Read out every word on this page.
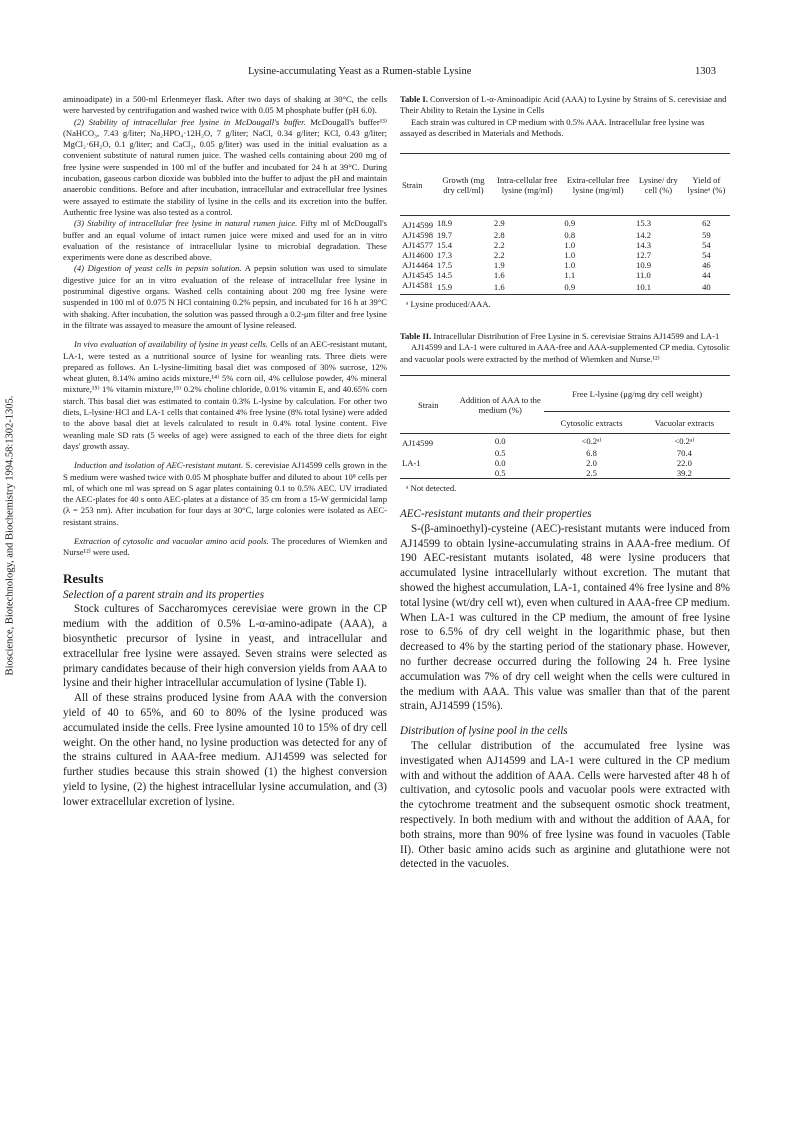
Lysine-accumulating Yeast as a Rumen-stable Lysine	1303
Bioscience, Biotechnology, and Biochemistry 1994.58:1302-1305.

aminoadipate) in a 500-ml Erlenmeyer flask. After two days of shaking at 30°C, the cells were harvested by centrifugation and washed twice with 0.05 M phosphate buffer (pH 6.0).

(2) Stability of intracellular free lysine in McDougall's buffer. McDougall's buffer¹³⁾ (NaHCO₃, 7.43 g/liter; Na₂HPO₄·12H₂O, 7 g/liter; NaCl, 0.34 g/liter; KCl, 0.43 g/liter; MgCl₂·6H₂O, 0.1 g/liter; and CaCl₂, 0.05 g/liter) was used in the initial evaluation as a convenient substitute of natural rumen juice. The washed cells containing about 200 mg of free lysine were suspended in 100 ml of the buffer and incubated for 24 h at 39°C. During incubation, gaseous carbon dioxide was bubbled into the buffer to adjust the pH and maintain anaerobic conditions. Before and after incubation, intracellular and extracellular free lysines were assayed to estimate the stability of lysine in the cells and its excretion into the buffer. Authentic free lysine was also tested as a control.

(3) Stability of intracellular free lysine in natural rumen juice. Fifty ml of McDougall's buffer and an equal volume of intact rumen juice were mixed and used for an in vitro evaluation of the resistance of intracellular lysine to microbial degradation. These experiments were done as described above.

(4) Digestion of yeast cells in pepsin solution. A pepsin solution was used to simulate digestive juice for an in vitro evaluation of the release of intracellular free lysine in postruminal digestive organs. Washed cells containing about 200 mg free lysine were suspended in 100 ml of 0.075 N HCl containing 0.2% pepsin, and incubated for 16 h at 39°C with shaking. After incubation, the solution was passed through a 0.2-μm filter and free lysine in the filtrate was assayed to measure the amount of lysine released.

In vivo evaluation of availability of lysine in yeast cells. Cells of an AEC-resistant mutant, LA-1, were tested as a nutritional source of lysine for weanling rats. Three diets were prepared as follows. An L-lysine-limiting basal diet was composed of 30% sucrose, 12% wheat gluten, 8.14% amino acids mixture,¹⁴⁾ 5% corn oil, 4% cellulose powder, 4% mineral mixture,¹⁵⁾ 1% vitamin mixture,¹⁵⁾ 0.2% choline chloride, 0.01% vitamin E, and 40.65% corn starch. This basal diet was estimated to contain 0.3% L-lysine by calculation. For other two diets, L-lysine·HCl and LA-1 cells that contained 4% free lysine (8% total lysine) were added to the above basal diet at levels calculated to result in 0.4% total lysine content. Five weanling male SD rats (5 weeks of age) were assigned to each of the three diets for eight days' growth assay.

Induction and isolation of AEC-resistant mutant. S. cerevisiae AJ14599 cells grown in the S medium were washed twice with 0.05 M phosphate buffer and diluted to about 10⁸ cells per ml, of which one ml was spread on S agar plates containing 0.1 to 0.5% AEC. UV irradiated the AEC-plates for 40 s onto AEC-plates at a distance of 35 cm from a 15-W germicidal lamp (λ = 253 nm). After incubation for four days at 30°C, large colonies were isolated as AEC-resistant strains.

Extraction of cytosolic and vacuolar amino acid pools. The procedures of Wiemken and Nurse¹²⁾ were used.

Results
Selection of a parent strain and its properties

Stock cultures of Saccharomyces cerevisiae were grown in the CP medium with the addition of 0.5% L-α-amino-adipate (AAA), a biosynthetic precursor of lysine in yeast, and intracellular and extracellular free lysine were assayed. Seven strains were selected as primary candidates because of their high conversion yields from AAA to lysine and their higher intracellular accumulation of lysine (Table I).

All of these strains produced lysine from AAA with the conversion yield of 40 to 65%, and 60 to 80% of the lysine produced was accumulated inside the cells. Free lysine amounted 10 to 15% of dry cell weight. On the other hand, no lysine production was detected for any of the strains cultured in AAA-free medium. AJ14599 was selected for further studies because this strain showed (1) the highest conversion yield to lysine, (2) the highest intracellular lysine accumulation, and (3) lower extracellular excretion of lysine.

Table I. Conversion of L-α-Aminoadipic Acid (AAA) to Lysine by Strains of S. cerevisiae and Their Ability to Retain the Lysine in Cells
Each strain was cultured in CP medium with 0.5% AAA. Intracellular free lysine was assayed as described in Materials and Methods.
Strain	Growth (mg dry cell/ml)	Intra-cellular free lysine (mg/ml)	Extra-cellular free lysine (mg/ml)	Lysine/ dry cell (%)	Yield of lysineᵃ (%)
AJ14599	18.9	2.9	0.9	15.3	62
AJ14598	19.7	2.8	0.8	14.2	59
AJ14577	15.4	2.2	1.0	14.3	54
AJ14600	17.3	2.2	1.0	12.7	54
AJ14464	17.5	1.9	1.0	10.9	46
AJ14545	14.5	1.6	1.1	11.0	44
AJ14581	15.9	1.6	0.9	10.1	40
ᵃ Lysine produced/AAA.
Table II. Intracellular Distribution of Free Lysine in S. cerevisiae Strains AJ14599 and LA-1
AJ14599 and LA-1 were cultured in AAA-free and AAA-supplemented CP media. Cytosolic and vacuolar pools were extracted by the method of Wiemken and Nurse.¹²⁾
Strain	Addition of AAA to the medium (%)	Free L-lysine (μg/mg dry cell weight)	
		Cytosolic extracts	Vacuolar extracts
AJ14599	0.0	<0.2ᵃ⁾	<0.2ᵃ⁾
	0.5	6.8	70.4
LA-1	0.0	2.0	22.0
	0.5	2.5	39.2
ᵃ Not detected.
AEC-resistant mutants and their properties

S-(β-aminoethyl)-cysteine (AEC)-resistant mutants were induced from AJ14599 to obtain lysine-accumulating strains in AAA-free medium. Of 190 AEC-resistant mutants isolated, 48 were lysine producers that accumulated lysine intracellularly without excretion. The mutant that showed the highest accumulation, LA-1, contained 4% free lysine and 8% total lysine (wt/dry cell wt), even when cultured in AAA-free CP medium. When LA-1 was cultured in the CP medium, the amount of free lysine rose to 6.5% of dry cell weight in the logarithmic phase, but then decreased to 4% by the starting period of the stationary phase. However, no further decrease occurred during the following 24 h. Free lysine accumulation was 7% of dry cell weight when the cells were cultured in the medium with AAA. This value was smaller than that of the parent strain, AJ14599 (15%).

Distribution of lysine pool in the cells

The cellular distribution of the accumulated free lysine was investigated when AJ14599 and LA-1 were cultured in the CP medium with and without the addition of AAA. Cells were harvested after 48 h of cultivation, and cytosolic pools and vacuolar pools were extracted with the cytochrome treatment and the subsequent osmotic shock treatment, respectively. In both medium with and without the addition of AAA, for both strains, more than 90% of free lysine was found in vacuoles (Table II). Other basic amino acids such as arginine and glutathione were not detected in the vacuoles.
